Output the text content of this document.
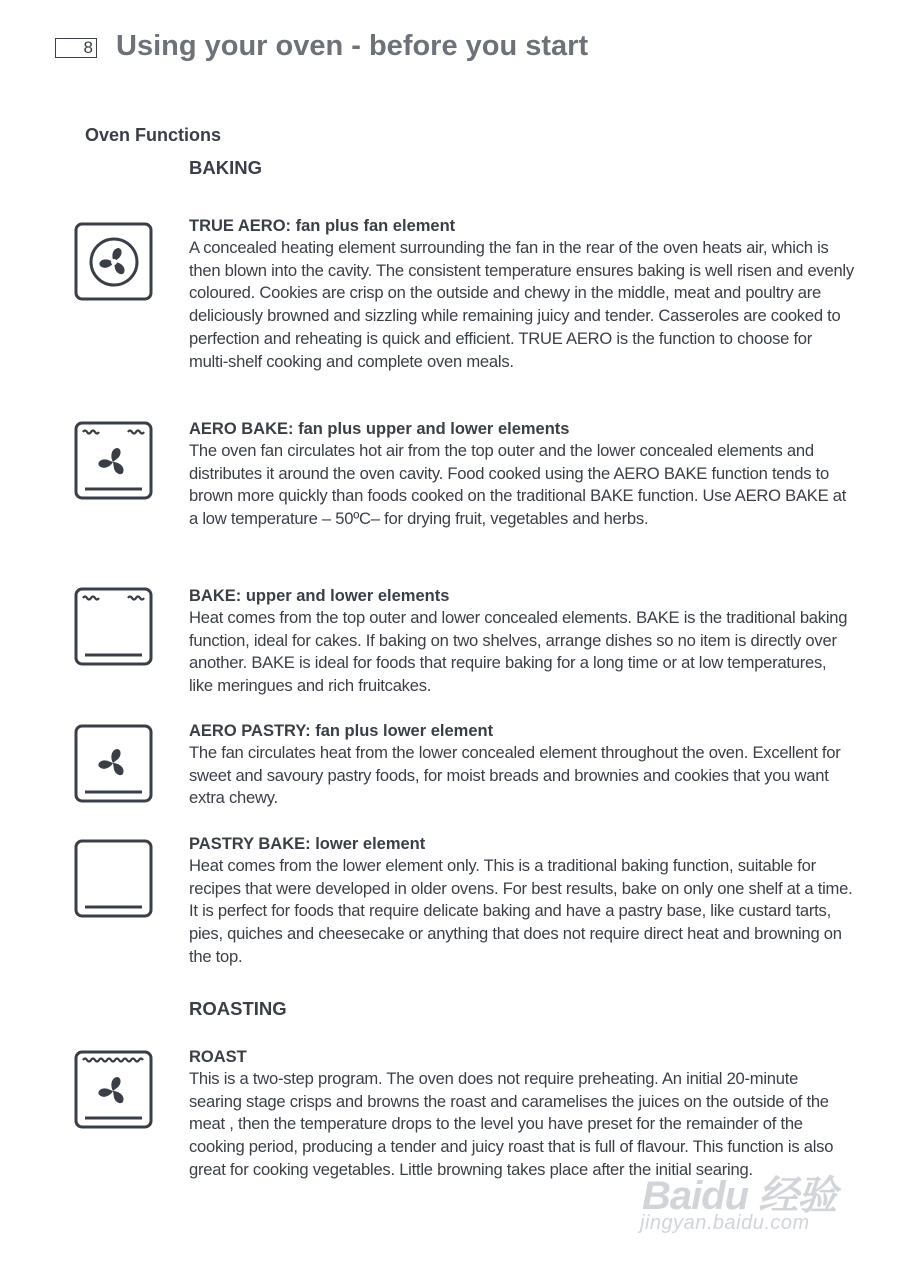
8 Using your oven - before you start
Oven Functions
BAKING
TRUE AERO: fan plus fan element

A concealed heating element surrounding the fan in the rear of the oven heats air, which is then blown into the cavity. The consistent temperature ensures baking is well risen and evenly coloured. Cookies are crisp on the outside and chewy in the middle, meat and poultry are deliciously browned and sizzling while remaining juicy and tender. Casseroles are cooked to perfection and reheating is quick and efficient. TRUE AERO is the function to choose for multi-shelf cooking and complete oven meals.

AERO BAKE: fan plus upper and lower elements

The oven fan circulates hot air from the top outer and the lower concealed elements and distributes it around the oven cavity. Food cooked using the AERO BAKE function tends to brown more quickly than foods cooked on the traditional BAKE function. Use AERO BAKE at a low temperature – 50ºC– for drying fruit, vegetables and herbs.

BAKE: upper and lower elements

Heat comes from the top outer and lower concealed elements. BAKE is the traditional baking function, ideal for cakes. If baking on two shelves, arrange dishes so no item is directly over another. BAKE is ideal for foods that require baking for a long time or at low temperatures, like meringues and rich fruitcakes.

AERO PASTRY: fan plus lower element

The fan circulates heat from the lower concealed element throughout the oven. Excellent for sweet and savoury pastry foods, for moist breads and brownies and cookies that you want extra chewy.

PASTRY BAKE: lower element

Heat comes from the lower element only. This is a traditional baking function, suitable for recipes that were developed in older ovens. For best results, bake on only one shelf at a time. It is perfect for foods that require delicate baking and have a pastry base, like custard tarts, pies, quiches and cheesecake or anything that does not require direct heat and browning on the top.

ROASTING
ROAST

This is a two-step program. The oven does not require preheating. An initial 20-minute searing stage crisps and browns the roast and caramelises the juices on the outside of the meat , then the temperature drops to the level you have preset for the remainder of the cooking period, producing a tender and juicy roast that is full of flavour. This function is also great for cooking vegetables. Little browning takes place after the initial searing.

Baidu 经验
jingyan.baidu.com
